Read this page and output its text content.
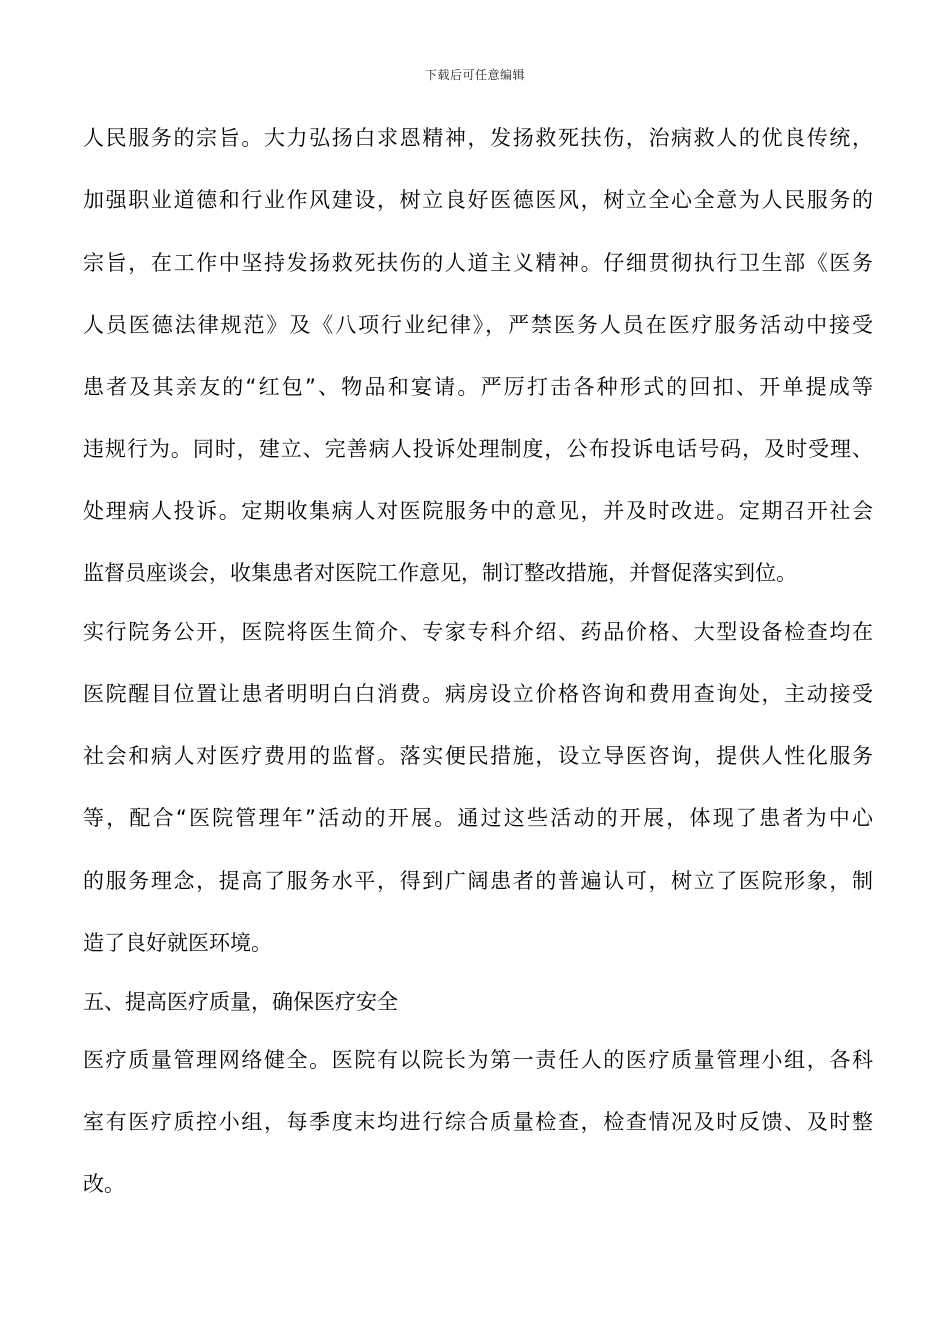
下载后可任意编辑
人民服务的宗旨。大力弘扬白求恩精神，发扬救死扶伤，治病救人的优良传统，
加强职业道德和行业作风建设，树立良好医德医风，树立全心全意为人民服务的
宗旨，在工作中坚持发扬救死扶伤的人道主义精神。仔细贯彻执行卫生部《医务
人员医德法律规范》及《八项行业纪律》，严禁医务人员在医疗服务活动中接受
患者及其亲友的“红包”、物品和宴请。严厉打击各种形式的回扣、开单提成等
违规行为。同时，建立、完善病人投诉处理制度，公布投诉电话号码，及时受理、
处理病人投诉。定期收集病人对医院服务中的意见，并及时改进。定期召开社会
监督员座谈会，收集患者对医院工作意见，制订整改措施，并督促落实到位。
实行院务公开，医院将医生简介、专家专科介绍、药品价格、大型设备检查均在
医院醒目位置让患者明明白白消费。病房设立价格咨询和费用查询处，主动接受
社会和病人对医疗费用的监督。落实便民措施，设立导医咨询，提供人性化服务
等，配合“医院管理年”活动的开展。通过这些活动的开展，体现了患者为中心
的服务理念，提高了服务水平，得到广阔患者的普遍认可，树立了医院形象，制
造了良好就医环境。
五、提高医疗质量，确保医疗安全
医疗质量管理网络健全。医院有以院长为第一责任人的医疗质量管理小组，各科
室有医疗质控小组，每季度末均进行综合质量检查，检查情况及时反馈、及时整
改。
